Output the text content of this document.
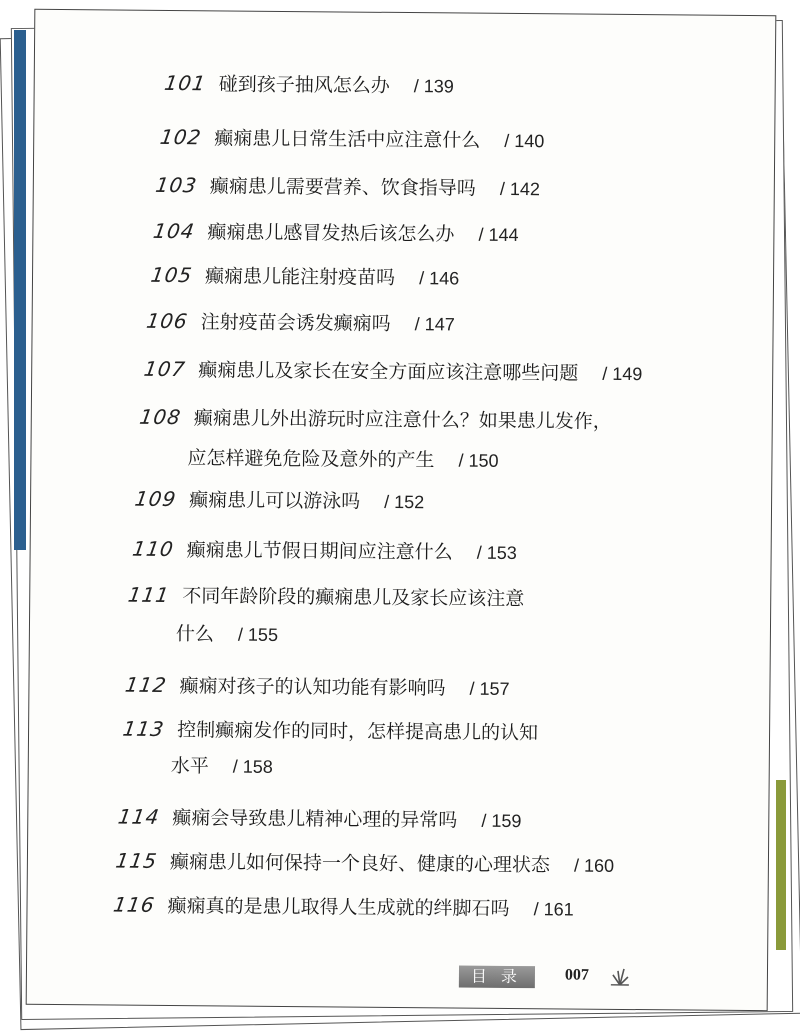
101 碰到孩子抽风怎么办 / 139
102 癫痫患儿日常生活中应注意什么 / 140
103 癫痫患儿需要营养、饮食指导吗 / 142
104 癫痫患儿感冒发热后该怎么办 / 144
105 癫痫患儿能注射疫苗吗 / 146
106 注射疫苗会诱发癫痫吗 / 147
107 癫痫患儿及家长在安全方面应该注意哪些问题 / 149
108 癫痫患儿外出游玩时应注意什么？如果患儿发作，
应怎样避免危险及意外的产生 / 150
109 癫痫患儿可以游泳吗 / 152
110 癫痫患儿节假日期间应注意什么 / 153
111 不同年龄阶段的癫痫患儿及家长应该注意
什么 / 155
112 癫痫对孩子的认知功能有影响吗 / 157
113 控制癫痫发作的同时，怎样提高患儿的认知
水平 / 158
114 癫痫会导致患儿精神心理的异常吗 / 159
115 癫痫患儿如何保持一个良好、健康的心理状态 / 160
116 癫痫真的是患儿取得人生成就的绊脚石吗 / 161
目录 007
